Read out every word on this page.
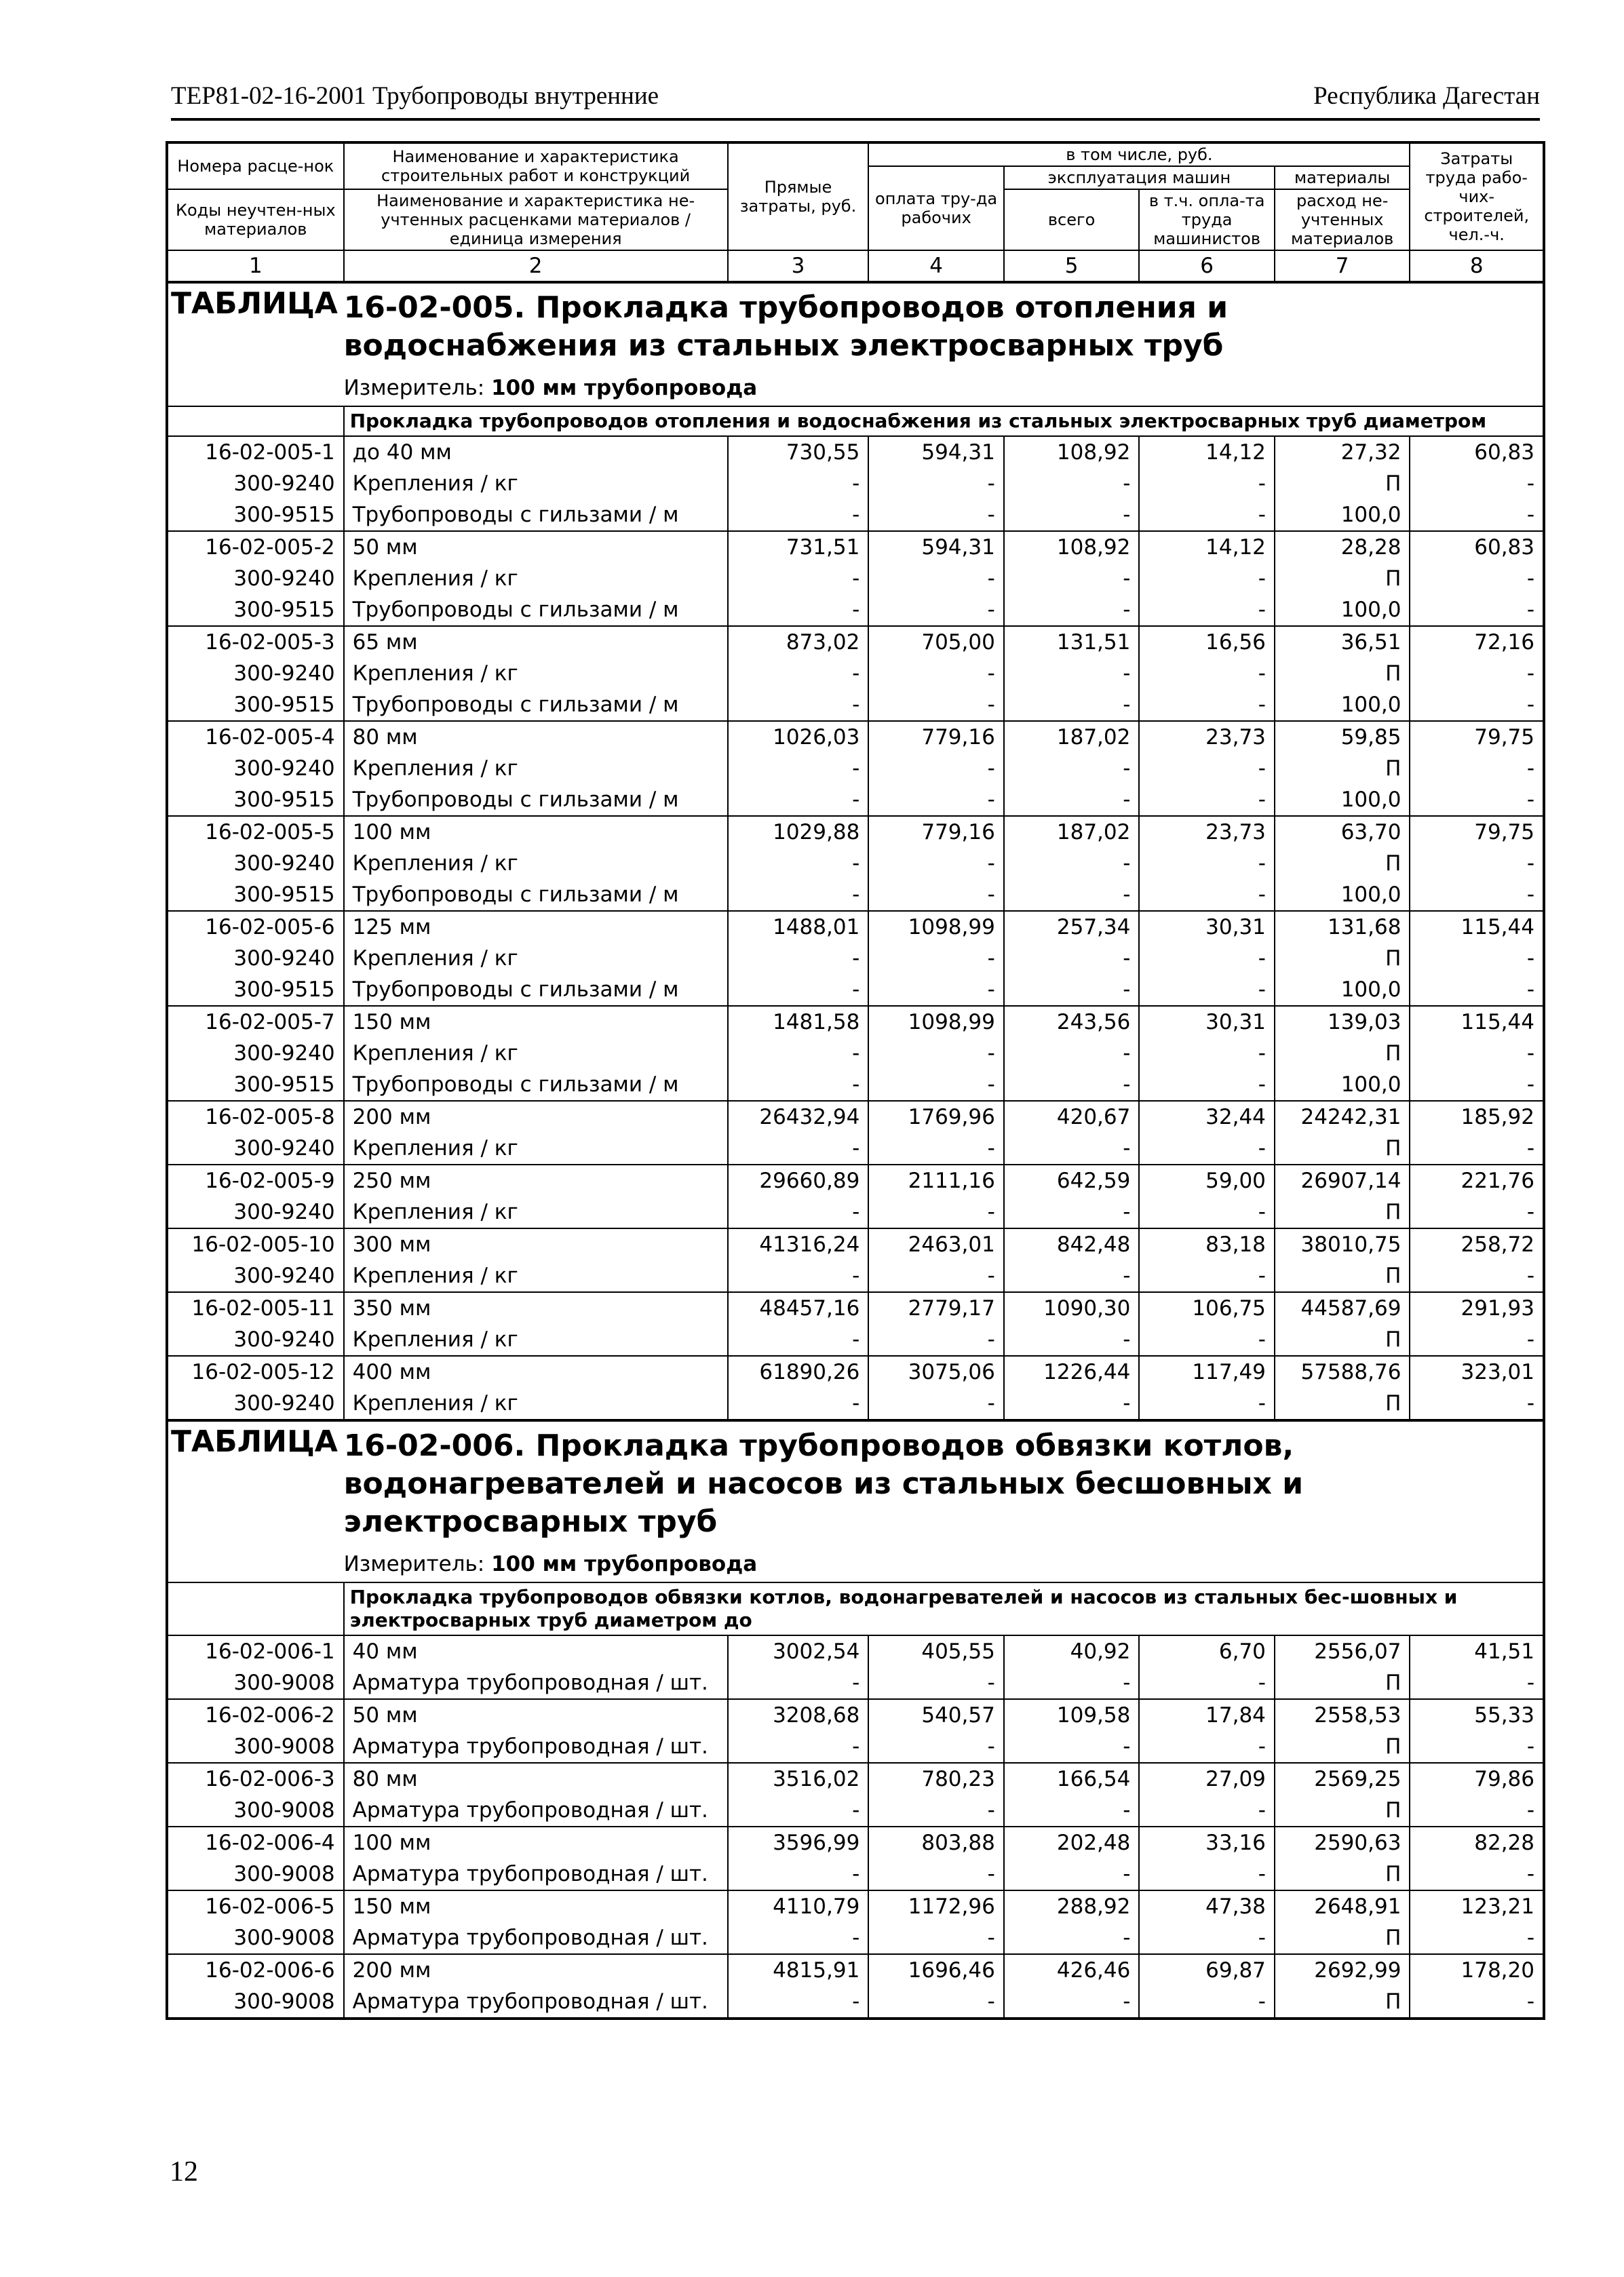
ТЕР81-02-16-2001 Трубопроводы внутренние	Республика Дагестан
Номера расце-нок	Наименование и характеристика строительных работ и конструкций	Прямые затраты, руб.	в том числе, руб.				Затраты труда рабо-чих-строителей, чел.-ч.
			оплата тру-да рабочих	эксплуатация машин		материалы	
Коды неучтен-ных материалов	Наименование и характеристика не-учтенных расценками материалов / единица измерения			всего	в т.ч. опла-та труда машинистов	расход не-учтенных материалов	

1	2	3	4	5	6	7	8
ТАБЛИЦА	16-02-005. Прокладка трубопроводов отопления и водоснабжения из стальных электросварных труб						

	Измеритель: 100 мм трубопровода						
	Прокладка трубопроводов отопления и водоснабжения из стальных электросварных труб диаметром						
16-02-005-1	до 40 мм	730,55	594,31	108,92	14,12	27,32	60,83
300-9240	Крепления / кг	-	-	-	-	П	-
300-9515	Трубопроводы с гильзами / м	-	-	-	-	100,0	-
16-02-005-2	50 мм	731,51	594,31	108,92	14,12	28,28	60,83
300-9240	Крепления / кг	-	-	-	-	П	-
300-9515	Трубопроводы с гильзами / м	-	-	-	-	100,0	-
16-02-005-3	65 мм	873,02	705,00	131,51	16,56	36,51	72,16
300-9240	Крепления / кг	-	-	-	-	П	-
300-9515	Трубопроводы с гильзами / м	-	-	-	-	100,0	-
16-02-005-4	80 мм	1026,03	779,16	187,02	23,73	59,85	79,75
300-9240	Крепления / кг	-	-	-	-	П	-
300-9515	Трубопроводы с гильзами / м	-	-	-	-	100,0	-
16-02-005-5	100 мм	1029,88	779,16	187,02	23,73	63,70	79,75
300-9240	Крепления / кг	-	-	-	-	П	-
300-9515	Трубопроводы с гильзами / м	-	-	-	-	100,0	-
16-02-005-6	125 мм	1488,01	1098,99	257,34	30,31	131,68	115,44
300-9240	Крепления / кг	-	-	-	-	П	-
300-9515	Трубопроводы с гильзами / м	-	-	-	-	100,0	-
16-02-005-7	150 мм	1481,58	1098,99	243,56	30,31	139,03	115,44
300-9240	Крепления / кг	-	-	-	-	П	-
300-9515	Трубопроводы с гильзами / м	-	-	-	-	100,0	-
16-02-005-8	200 мм	26432,94	1769,96	420,67	32,44	24242,31	185,92
300-9240	Крепления / кг	-	-	-	-	П	-
16-02-005-9	250 мм	29660,89	2111,16	642,59	59,00	26907,14	221,76
300-9240	Крепления / кг	-	-	-	-	П	-
16-02-005-10	300 мм	41316,24	2463,01	842,48	83,18	38010,75	258,72
300-9240	Крепления / кг	-	-	-	-	П	-
16-02-005-11	350 мм	48457,16	2779,17	1090,30	106,75	44587,69	291,93
300-9240	Крепления / кг	-	-	-	-	П	-
16-02-005-12	400 мм	61890,26	3075,06	1226,44	117,49	57588,76	323,01
300-9240	Крепления / кг	-	-	-	-	П	-
ТАБЛИЦА	16-02-006. Прокладка трубопроводов обвязки котлов, водонагревателей и насосов из стальных бесшовных и электросварных труб						

	Измеритель: 100 мм трубопровода						
	Прокладка трубопроводов обвязки котлов, водонагревателей и насосов из стальных бес-шовных и электросварных труб диаметром до						
16-02-006-1	40 мм	3002,54	405,55	40,92	6,70	2556,07	41,51
300-9008	Арматура трубопроводная / шт.	-	-	-	-	П	-
16-02-006-2	50 мм	3208,68	540,57	109,58	17,84	2558,53	55,33
300-9008	Арматура трубопроводная / шт.	-	-	-	-	П	-
16-02-006-3	80 мм	3516,02	780,23	166,54	27,09	2569,25	79,86
300-9008	Арматура трубопроводная / шт.	-	-	-	-	П	-
16-02-006-4	100 мм	3596,99	803,88	202,48	33,16	2590,63	82,28
300-9008	Арматура трубопроводная / шт.	-	-	-	-	П	-
16-02-006-5	150 мм	4110,79	1172,96	288,92	47,38	2648,91	123,21
300-9008	Арматура трубопроводная / шт.	-	-	-	-	П	-
16-02-006-6	200 мм	4815,91	1696,46	426,46	69,87	2692,99	178,20
300-9008	Арматура трубопроводная / шт.	-	-	-	-	П	-
12
